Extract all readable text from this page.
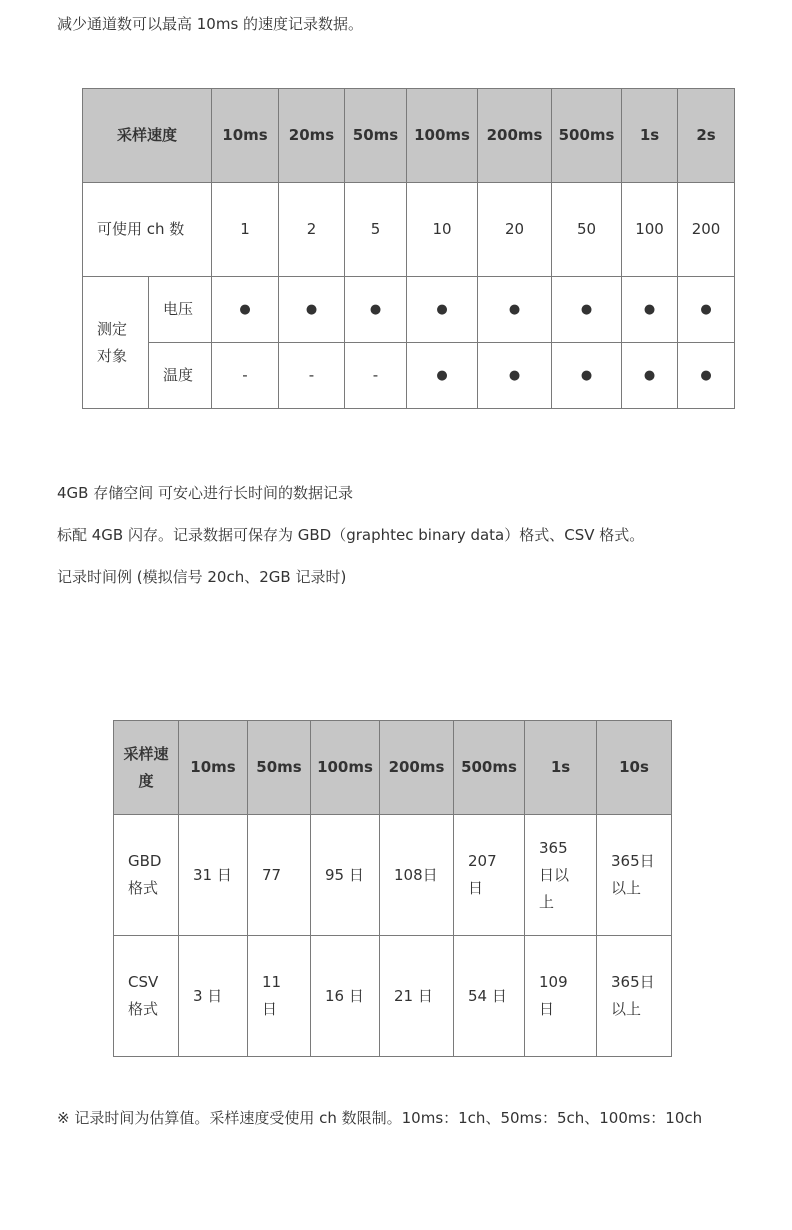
减少通道数可以最高 10ms 的速度记录数据。
采样速度		10ms	20ms	50ms	100ms	200ms	500ms	1s	2s
可使用 ch 数		1	2	5	10	20	50	100	200
测定对象	电压	●	●	●	●	●	●	●	●
	温度	-	-	-	●	●	●	●	●
4GB 存储空间 可安心进行长时间的数据记录
标配 4GB 闪存。记录数据可保存为 GBD（graphtec binary data）格式、CSV 格式。
记录时间例 (模拟信号 20ch、2GB 记录时)
采样速度	10ms	50ms	100ms	200ms	500ms	1s	10s
GBD格式	31 日	77	95 日	108日	207日	365日以上	365日以上
CSV格式	3 日	11日	16 日	21 日	54 日	109日	365日以上
※ 记录时间为估算值。采样速度受使用 ch 数限制。10ms：1ch、50ms：5ch、100ms：10ch
